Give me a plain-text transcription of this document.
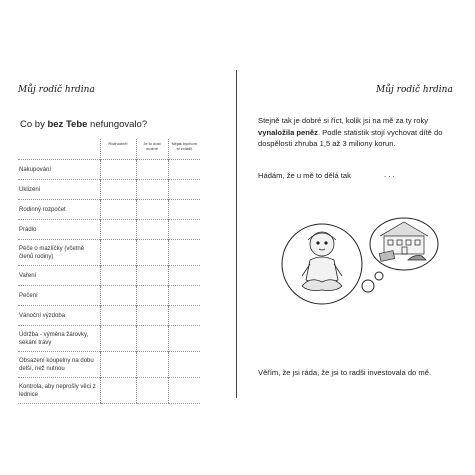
Můj rodič hrdina
Co by bez Tebe nefungovalo?
	Rozhodně!	Je to dost možné	Nějak bychom to zvládli
Nakupování			
Uklizení			
Rodinný rozpočet			
Prádlo			
Péče o mazlíčky (včetně členů rodiny)			
Vaření			
Pečení			
Vánoční výzdoba			
Údržba - výměna žárovky, sekání trávy			
Obsazení koupelny na dobu delší, než nutnou			
Kontrola, aby neprošly věci z lednice			
Můj rodič hrdina
Stejně tak je dobré si říct, kolik jsi na mě za ty roky vynaložila peněz. Podle statistik stojí vychovat dítě do dospělosti zhruba 1,5 až 3 miliony korun.
Hádám, že u mě to dělá tak	...
Věřím, že jsi ráda, že jsi to radši investovala do mě.
